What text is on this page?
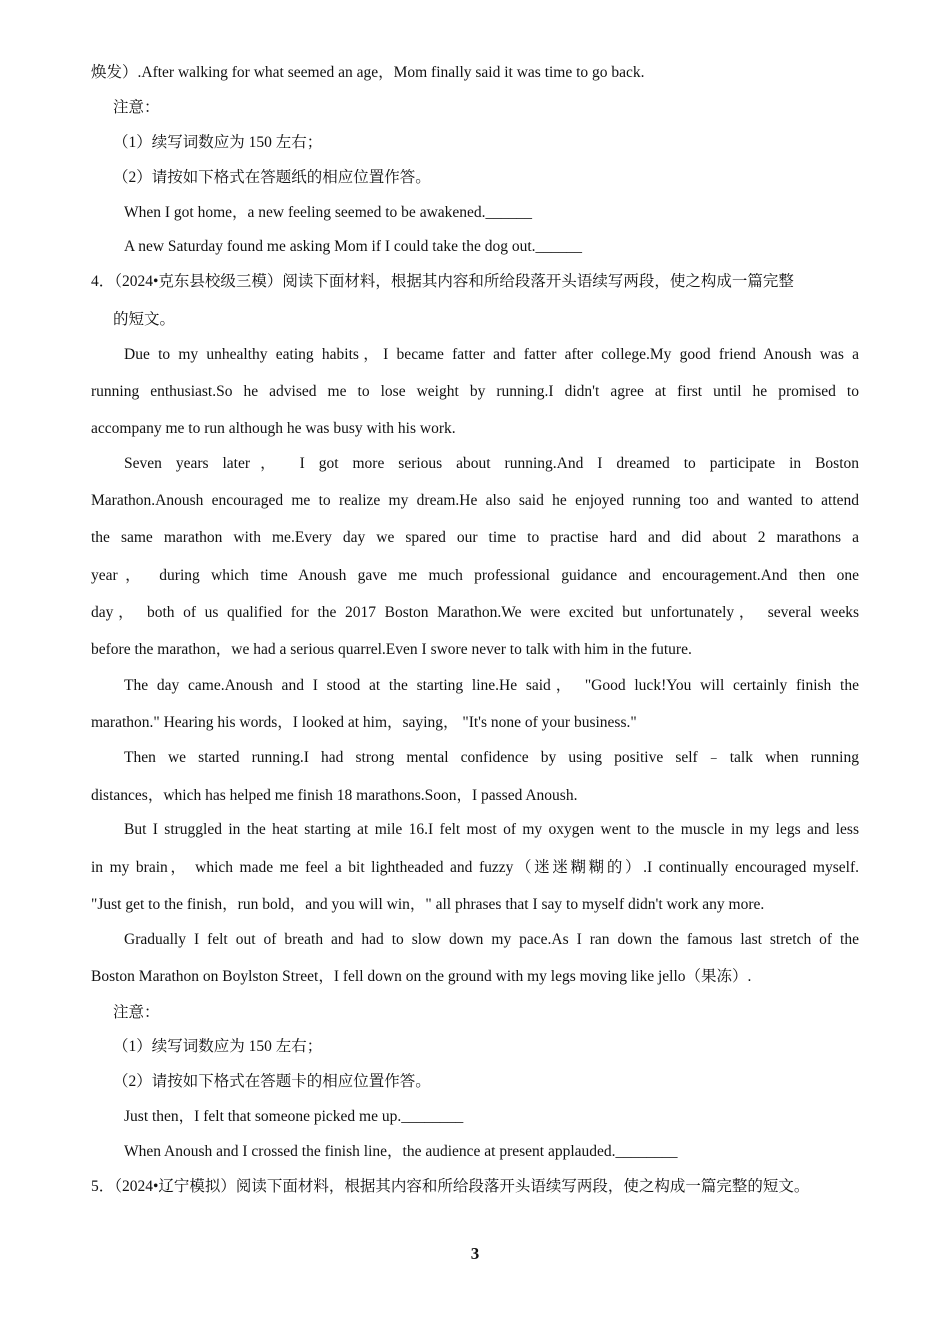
焕发）.After walking for what seemed an age，Mom finally said it was time to go back.
注意：
（1）续写词数应为 150 左右；
（2）请按如下格式在答题纸的相应位置作答。
When I got home，a new feeling seemed to be awakened.______
A new Saturday found me asking Mom if I could take the dog out.______
4．（2024•克东县校级三模）阅读下面材料，根据其内容和所给段落开头语续写两段，使之构成一篇完整
的短文。
Due to my unhealthy eating habits，I became fatter and fatter after college.My good friend Anoush was a
running enthusiast.So he advised me to lose weight by running.I didn't agree at first until he promised to
accompany me to run although he was busy with his work.
Seven years later， I got more serious about running.And I dreamed to participate in Boston
Marathon.Anoush encouraged me to realize my dream.He also said he enjoyed running too and wanted to attend
the same marathon with me.Every day we spared our time to practise hard and did about 2 marathons a
year， during which time Anoush gave me much professional guidance and encouragement.And then one
day， both of us qualified for the 2017 Boston Marathon.We were excited but unfortunately， several weeks
before the marathon，we had a serious quarrel.Even I swore never to talk with him in the future.
The day came.Anoush and I stood at the starting line.He said， "Good luck!You will certainly finish the
marathon." Hearing his words，I looked at him，saying， "It's none of your business."
Then we started running.I had strong mental confidence by using positive self﹣talk when running
distances，which has helped me finish 18 marathons.Soon，I passed Anoush.
But I struggled in the heat starting at mile 16.I felt most of my oxygen went to the muscle in my legs and less
in my brain， which made me feel a bit lightheaded and fuzzy（迷迷糊糊的）.I continually encouraged myself.
"Just get to the finish，run bold，and you will win，" all phrases that I say to myself didn't work any more.
Gradually I felt out of breath and had to slow down my pace.As I ran down the famous last stretch of the
Boston Marathon on Boylston Street，I fell down on the ground with my legs moving like jello（果冻）.
注意：
（1）续写词数应为 150 左右；
（2）请按如下格式在答题卡的相应位置作答。
Just then，I felt that someone picked me up.________
When Anoush and I crossed the finish line，the audience at present applauded.________
5．（2024•辽宁模拟）阅读下面材料，根据其内容和所给段落开头语续写两段，使之构成一篇完整的短文。
3
